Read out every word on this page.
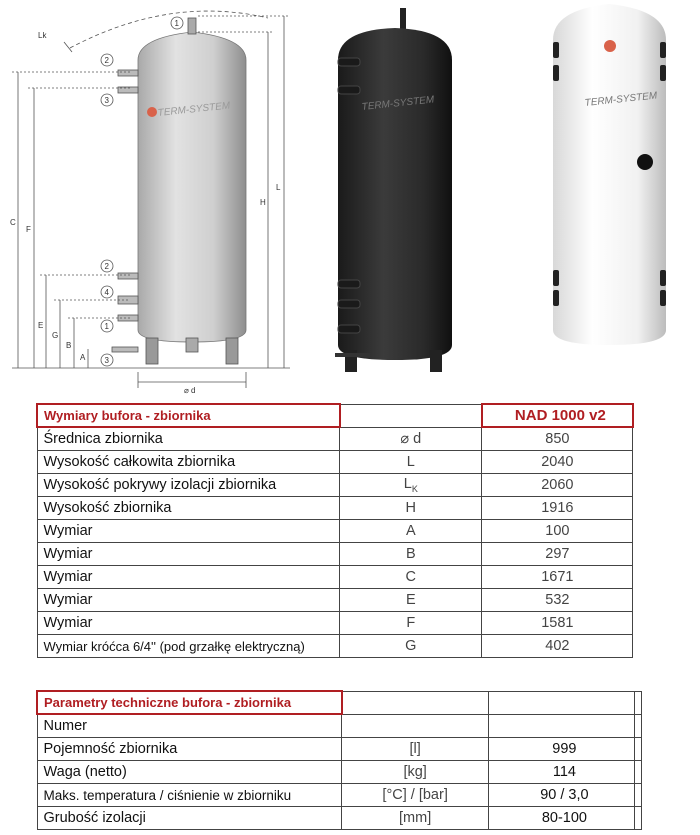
Lk
1
2
3
2
4
1
3
C
F
E
G
B
A
H
L
⌀ d
TERM-SYSTEM	TERM-SYSTEM	TERM-SYSTEM
Wymiary bufora - zbiornika		NAD 1000 v2	
Średnica zbiornika	⌀ d	850	
Wysokość całkowita zbiornika	L	2040	
Wysokość pokrywy izolacji zbiornika	$L_K$	2060	
Wysokość zbiornika	H	1916	
Wymiar	A	100	
Wymiar	B	297	
Wymiar	C	1671	
Wymiar	E	532	
Wymiar	F	1581	
Wymiar króćca 6/4'' (pod grzałkę elektryczną)	G	402	
Parametry techniczne bufora - zbiornika			
Numer			
Pojemność zbiornika	[l]	999	
Waga (netto)	[kg]	114	
Maks. temperatura / ciśnienie w zbiorniku	[°C] / [bar]	90 / 3,0	
Grubość izolacji	[mm]	80-100	
